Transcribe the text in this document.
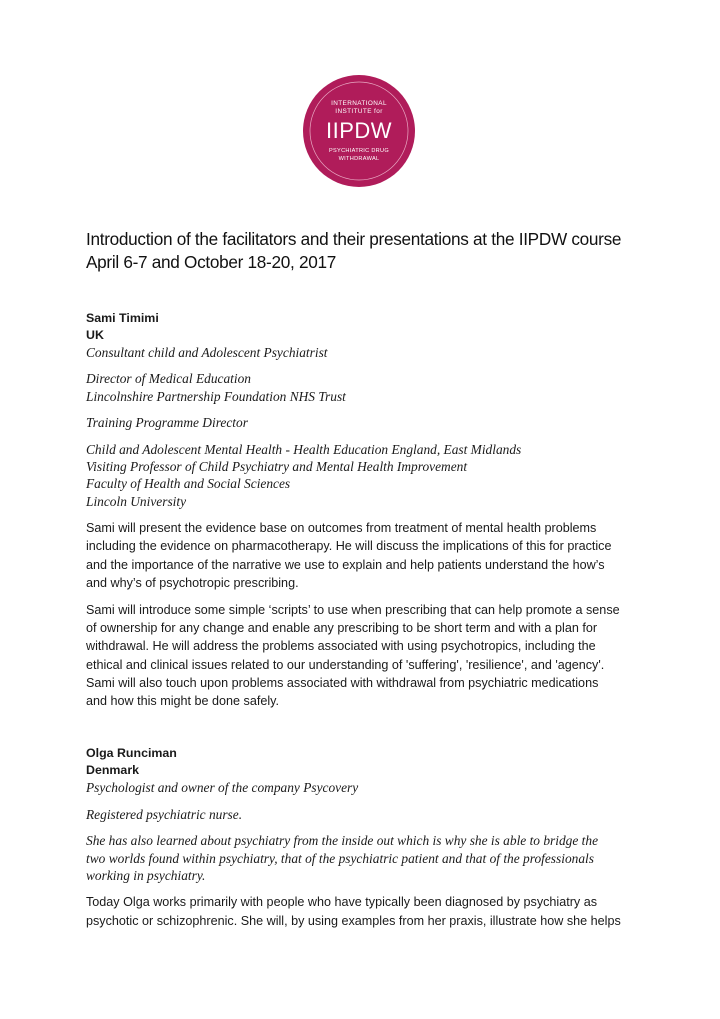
INTERNATIONAL
INSTITUTE for
IIPDW
PSYCHIATRIC DRUG
WITHDRAWAL
Introduction of the facilitators and their presentations at the IIPDW course
April 6-7 and October 18-20, 2017

Sami Timimi

UK

Consultant child and Adolescent Psychiatrist

Director of Medical Education

Lincolnshire Partnership Foundation NHS Trust

Training Programme Director

Child and Adolescent Mental Health - Health Education England, East Midlands

Visiting Professor of Child Psychiatry and Mental Health Improvement

Faculty of Health and Social Sciences

Lincoln University

Sami will present the evidence base on outcomes from treatment of mental health problems
including the evidence on pharmacotherapy. He will discuss the implications of this for practice
and the importance of the narrative we use to explain and help patients understand the how’s
and why’s of psychotropic prescribing.

Sami will introduce some simple ‘scripts’ to use when prescribing that can help promote a sense
of ownership for any change and enable any prescribing to be short term and with a plan for
withdrawal. He will address the problems associated with using psychotropics, including the
ethical and clinical issues related to our understanding of 'suffering', 'resilience', and 'agency'.
Sami will also touch upon problems associated with withdrawal from psychiatric medications
and how this might be done safely.

Olga Runciman

Denmark

Psychologist and owner of the company Psycovery

Registered psychiatric nurse.

She has also learned about psychiatry from the inside out which is why she is able to bridge the

two worlds found within psychiatry, that of the psychiatric patient and that of the professionals

working in psychiatry.

Today Olga works primarily with people who have typically been diagnosed by psychiatry as
psychotic or schizophrenic. She will, by using examples from her praxis, illustrate how she helps
